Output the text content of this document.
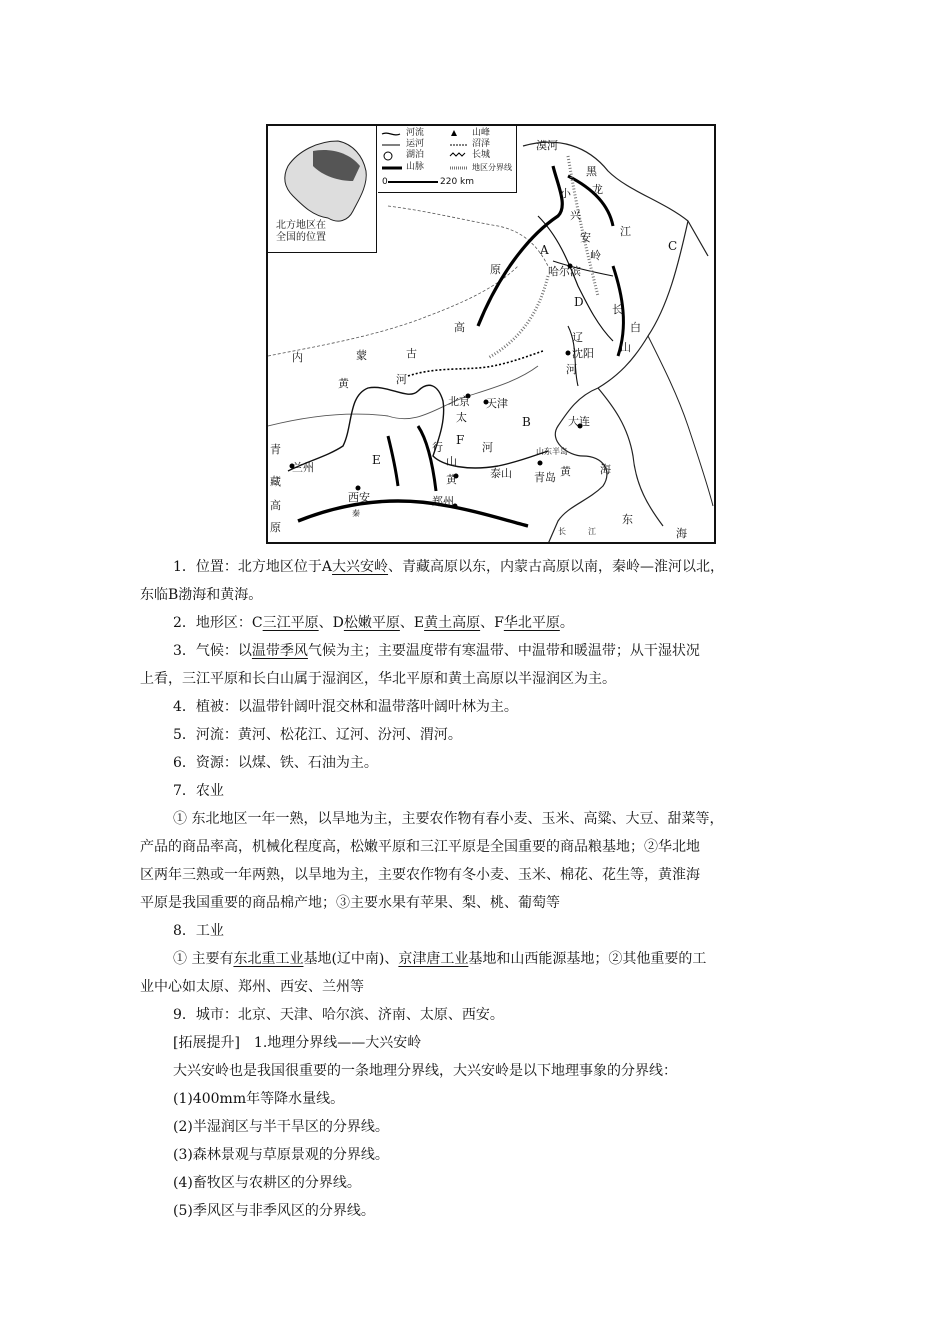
北方地区在
全国的位置
河流
运河
湖泊
山脉
山峰
沼泽
长城
地区分界线
0	220 km
漠河
黑
龙
小
兴
安
岭
江
C
A
哈尔滨
D
原
高
长
白
山
辽
沈阳
河
内	蒙	古
黄	河
北京 天津
太
F
B	大连
行	河	山东半岛
青
藏
高
原
兰州
E	山
黄	泰山 青岛 黄	海
西安	郑州
秦	东
海
长	江
1．位置：北方地区位于A大兴安岭、青藏高原以东，内蒙古高原以南，秦岭—淮河以北，
东临B渤海和黄海。
2．地形区：C三江平原、D松嫩平原、E黄土高原、F华北平原。
3．气候：以温带季风气候为主；主要温度带有寒温带、中温带和暖温带；从干湿状况
上看，三江平原和长白山属于湿润区，华北平原和黄土高原以半湿润区为主。
4．植被：以温带针阔叶混交林和温带落叶阔叶林为主。
5．河流：黄河、松花江、辽河、汾河、渭河。
6．资源：以煤、铁、石油为主。
7．农业
① 东北地区一年一熟，以旱地为主，主要农作物有春小麦、玉米、高粱、大豆、甜菜等，
产品的商品率高，机械化程度高，松嫩平原和三江平原是全国重要的商品粮基地；②华北地
区两年三熟或一年两熟，以旱地为主，主要农作物有冬小麦、玉米、棉花、花生等，黄淮海
平原是我国重要的商品棉产地；③主要水果有苹果、梨、桃、葡萄等
8．工业
① 主要有东北重工业基地(辽中南)、京津唐工业基地和山西能源基地；②其他重要的工
业中心如太原、郑州、西安、兰州等
9．城市：北京、天津、哈尔滨、济南、太原、西安。
[拓展提升]　1.地理分界线——大兴安岭
大兴安岭也是我国很重要的一条地理分界线，大兴安岭是以下地理事象的分界线：
(1)400mm年等降水量线。
(2)半湿润区与半干旱区的分界线。
(3)森林景观与草原景观的分界线。
(4)畜牧区与农耕区的分界线。
(5)季风区与非季风区的分界线。
